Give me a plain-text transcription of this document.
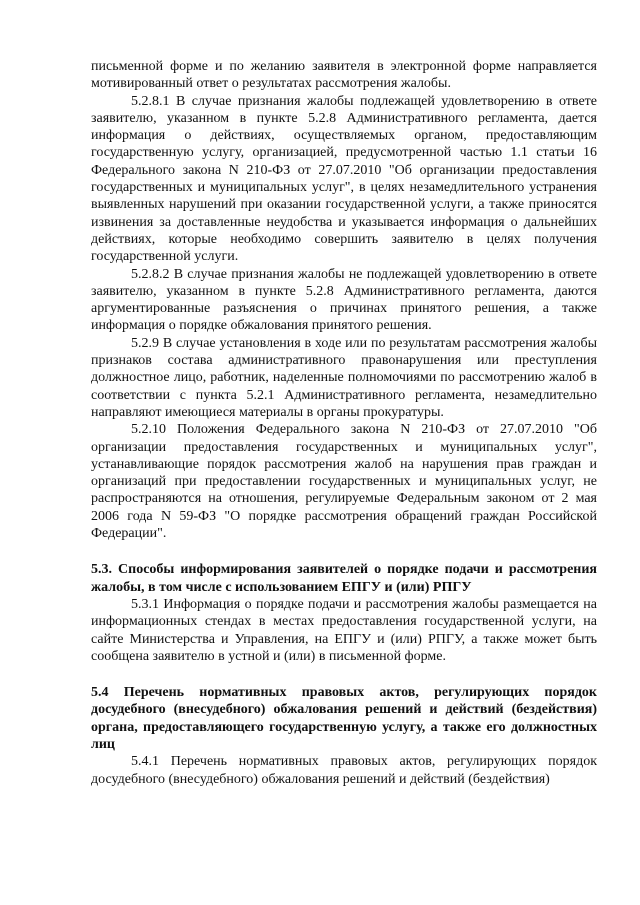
письменной форме и по желанию заявителя в электронной форме направляется мотивированный ответ о результатах рассмотрения жалобы.

5.2.8.1 В случае признания жалобы подлежащей удовлетворению в ответе заявителю, указанном в пункте 5.2.8 Административного регламента, дается информация о действиях, осуществляемых органом, предоставляющим государственную услугу, организацией, предусмотренной частью 1.1 статьи 16 Федерального закона N 210-ФЗ от 27.07.2010 "Об организации предоставления государственных и муниципальных услуг", в целях незамедлительного устранения выявленных нарушений при оказании государственной услуги, а также приносятся извинения за доставленные неудобства и указывается информация о дальнейших действиях, которые необходимо совершить заявителю в целях получения государственной услуги.

5.2.8.2 В случае признания жалобы не подлежащей удовлетворению в ответе заявителю, указанном в пункте 5.2.8 Административного регламента, даются аргументированные разъяснения о причинах принятого решения, а также информация о порядке обжалования принятого решения.

5.2.9 В случае установления в ходе или по результатам рассмотрения жалобы признаков состава административного правонарушения или преступления должностное лицо, работник, наделенные полномочиями по рассмотрению жалоб в соответствии с пункта 5.2.1 Административного регламента, незамедлительно направляют имеющиеся материалы в органы прокуратуры.

5.2.10 Положения Федерального закона N 210-ФЗ от 27.07.2010 "Об организации предоставления государственных и муниципальных услуг", устанавливающие порядок рассмотрения жалоб на нарушения прав граждан и организаций при предоставлении государственных и муниципальных услуг, не распространяются на отношения, регулируемые Федеральным законом от 2 мая 2006 года N 59-ФЗ "О порядке рассмотрения обращений граждан Российской Федерации".

5.3. Способы информирования заявителей о порядке подачи и рассмотрения жалобы, в том числе с использованием ЕПГУ и (или) РПГУ

5.3.1 Информация о порядке подачи и рассмотрения жалобы размещается на информационных стендах в местах предоставления государственной услуги, на сайте Министерства и Управления, на ЕПГУ и (или) РПГУ, а также может быть сообщена заявителю в устной и (или) в письменной форме.

5.4 Перечень нормативных правовых актов, регулирующих порядок досудебного (внесудебного) обжалования решений и действий (бездействия) органа, предоставляющего государственную услугу, а также его должностных лиц

5.4.1 Перечень нормативных правовых актов, регулирующих порядок досудебного (внесудебного) обжалования решений и действий (бездействия)
